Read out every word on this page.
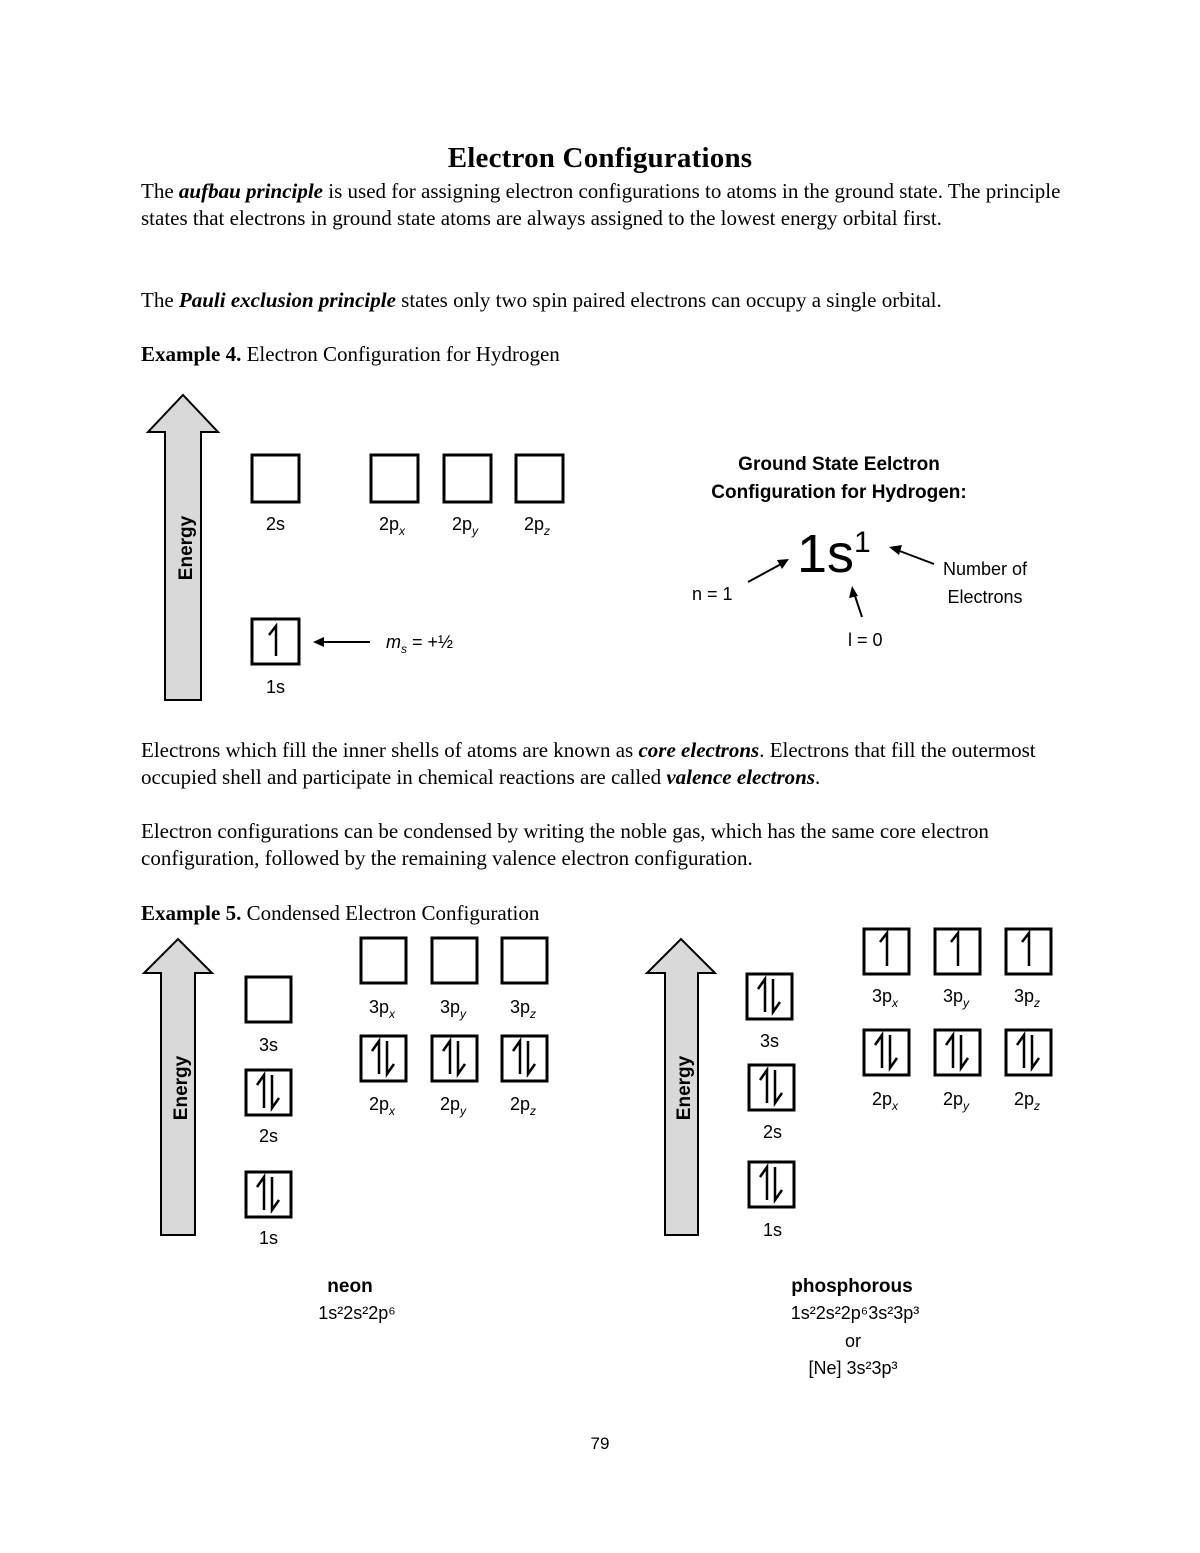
Electron Configurations
The aufbau principle is used for assigning electron configurations to atoms in the ground state. The principle states that electrons in ground state atoms are always assigned to the lowest energy orbital first.
The Pauli exclusion principle states only two spin paired electrons can occupy a single orbital.
Example 4. Electron Configuration for Hydrogen
Energy	2s	$2p_x$	$2p_y$	$2p_z$
1s
$m_s$ = +½
Ground State Eelctron
Configuration for Hydrogen:
$1s^1$
n = 1
l = 0
Number of
Electrons
Electrons which fill the inner shells of atoms are known as core electrons. Electrons that fill the outermost occupied shell and participate in chemical reactions are called valence electrons.
Electron configurations can be condensed by writing the noble gas, which has the same core electron configuration, followed by the remaining valence electron configuration.
Example 5. Condensed Electron Configuration
Energy
3s
2s
1s
$3p_x$ $3p_y$ $3p_z$
$2p_x$ $2p_y$ $2p_z$
neon
1s²2s²2p⁶
Energy
3s
2s
1s
$3p_x$ $3p_y$ $3p_z$
$2p_x$ $2p_y$ $2p_z$
phosphorous
1s²2s²2p⁶3s²3p³
or
[Ne] 3s²3p³
79
